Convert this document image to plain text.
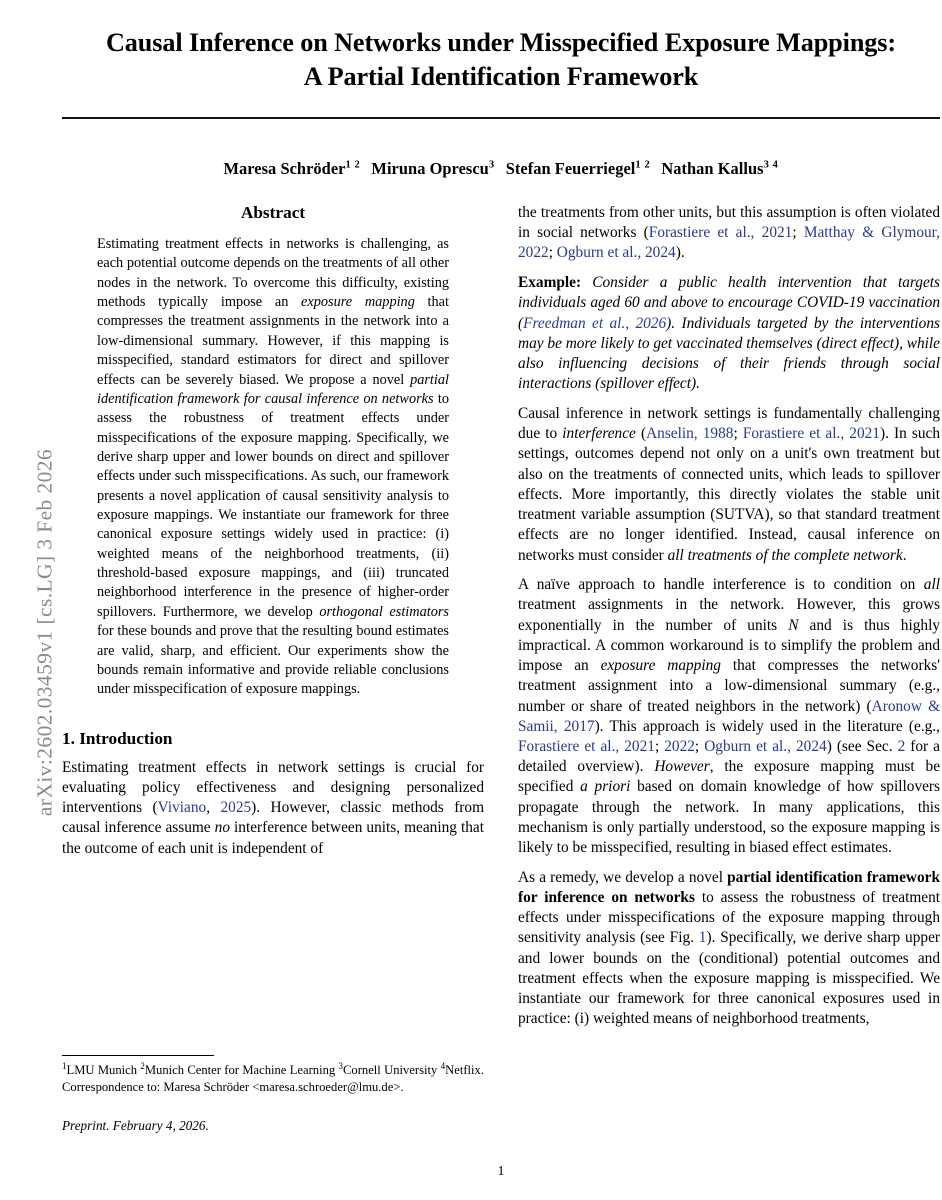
arXiv:2602.03459v1 [cs.LG] 3 Feb 2026
Causal Inference on Networks under Misspecified Exposure Mappings:
A Partial Identification Framework
Maresa Schröder$^{1 2}$ Miruna Oprescu$^3$ Stefan Feuerriegel$^{1 2}$ Nathan Kallus$^{3 4}$
Abstract
Estimating treatment effects in networks is challenging, as each potential outcome depends on the treatments of all other nodes in the network. To overcome this difficulty, existing methods typically impose an exposure mapping that compresses the treatment assignments in the network into a low-dimensional summary. However, if this mapping is misspecified, standard estimators for direct and spillover effects can be severely biased. We propose a novel partial identification framework for causal inference on networks to assess the robustness of treatment effects under misspecifications of the exposure mapping. Specifically, we derive sharp upper and lower bounds on direct and spillover effects under such misspecifications. As such, our framework presents a novel application of causal sensitivity analysis to exposure mappings. We instantiate our framework for three canonical exposure settings widely used in practice: (i) weighted means of the neighborhood treatments, (ii) threshold-based exposure mappings, and (iii) truncated neighborhood interference in the presence of higher-order spillovers. Furthermore, we develop orthogonal estimators for these bounds and prove that the resulting bound estimates are valid, sharp, and efficient. Our experiments show the bounds remain informative and provide reliable conclusions under misspecification of exposure mappings.
1. Introduction

Estimating treatment effects in network settings is crucial for evaluating policy effectiveness and designing personalized interventions (Viviano, 2025). However, classic methods from causal inference assume no interference between units, meaning that the outcome of each unit is independent of

the treatments from other units, but this assumption is often violated in social networks (Forastiere et al., 2021; Matthay & Glymour, 2022; Ogburn et al., 2024).

Example: Consider a public health intervention that targets individuals aged 60 and above to encourage COVID-19 vaccination (Freedman et al., 2026). Individuals targeted by the interventions may be more likely to get vaccinated themselves (direct effect), while also influencing decisions of their friends through social interactions (spillover effect).

Causal inference in network settings is fundamentally challenging due to interference (Anselin, 1988; Forastiere et al., 2021). In such settings, outcomes depend not only on a unit's own treatment but also on the treatments of connected units, which leads to spillover effects. More importantly, this directly violates the stable unit treatment variable assumption (SUTVA), so that standard treatment effects are no longer identified. Instead, causal inference on networks must consider all treatments of the complete network.

A naïve approach to handle interference is to condition on all treatment assignments in the network. However, this grows exponentially in the number of units N and is thus highly impractical. A common workaround is to simplify the problem and impose an exposure mapping that compresses the networks' treatment assignment into a low-dimensional summary (e.g., number or share of treated neighbors in the network) (Aronow & Samii, 2017). This approach is widely used in the literature (e.g., Forastiere et al., 2021; 2022; Ogburn et al., 2024) (see Sec. 2 for a detailed overview). However, the exposure mapping must be specified a priori based on domain knowledge of how spillovers propagate through the network. In many applications, this mechanism is only partially understood, so the exposure mapping is likely to be misspecified, resulting in biased effect estimates.

As a remedy, we develop a novel partial identification framework for inference on networks to assess the robustness of treatment effects under misspecifications of the exposure mapping through sensitivity analysis (see Fig. 1). Specifically, we derive sharp upper and lower bounds on the (conditional) potential outcomes and treatment effects when the exposure mapping is misspecified. We instantiate our framework for three canonical exposures used in practice: (i) weighted means of neighborhood treatments,

$^1$LMU Munich $^2$Munich Center for Machine Learning $^3$Cornell University $^4$Netflix. Correspondence to: Maresa Schröder <maresa.schroeder@lmu.de>.

Preprint. February 4, 2026.
1
